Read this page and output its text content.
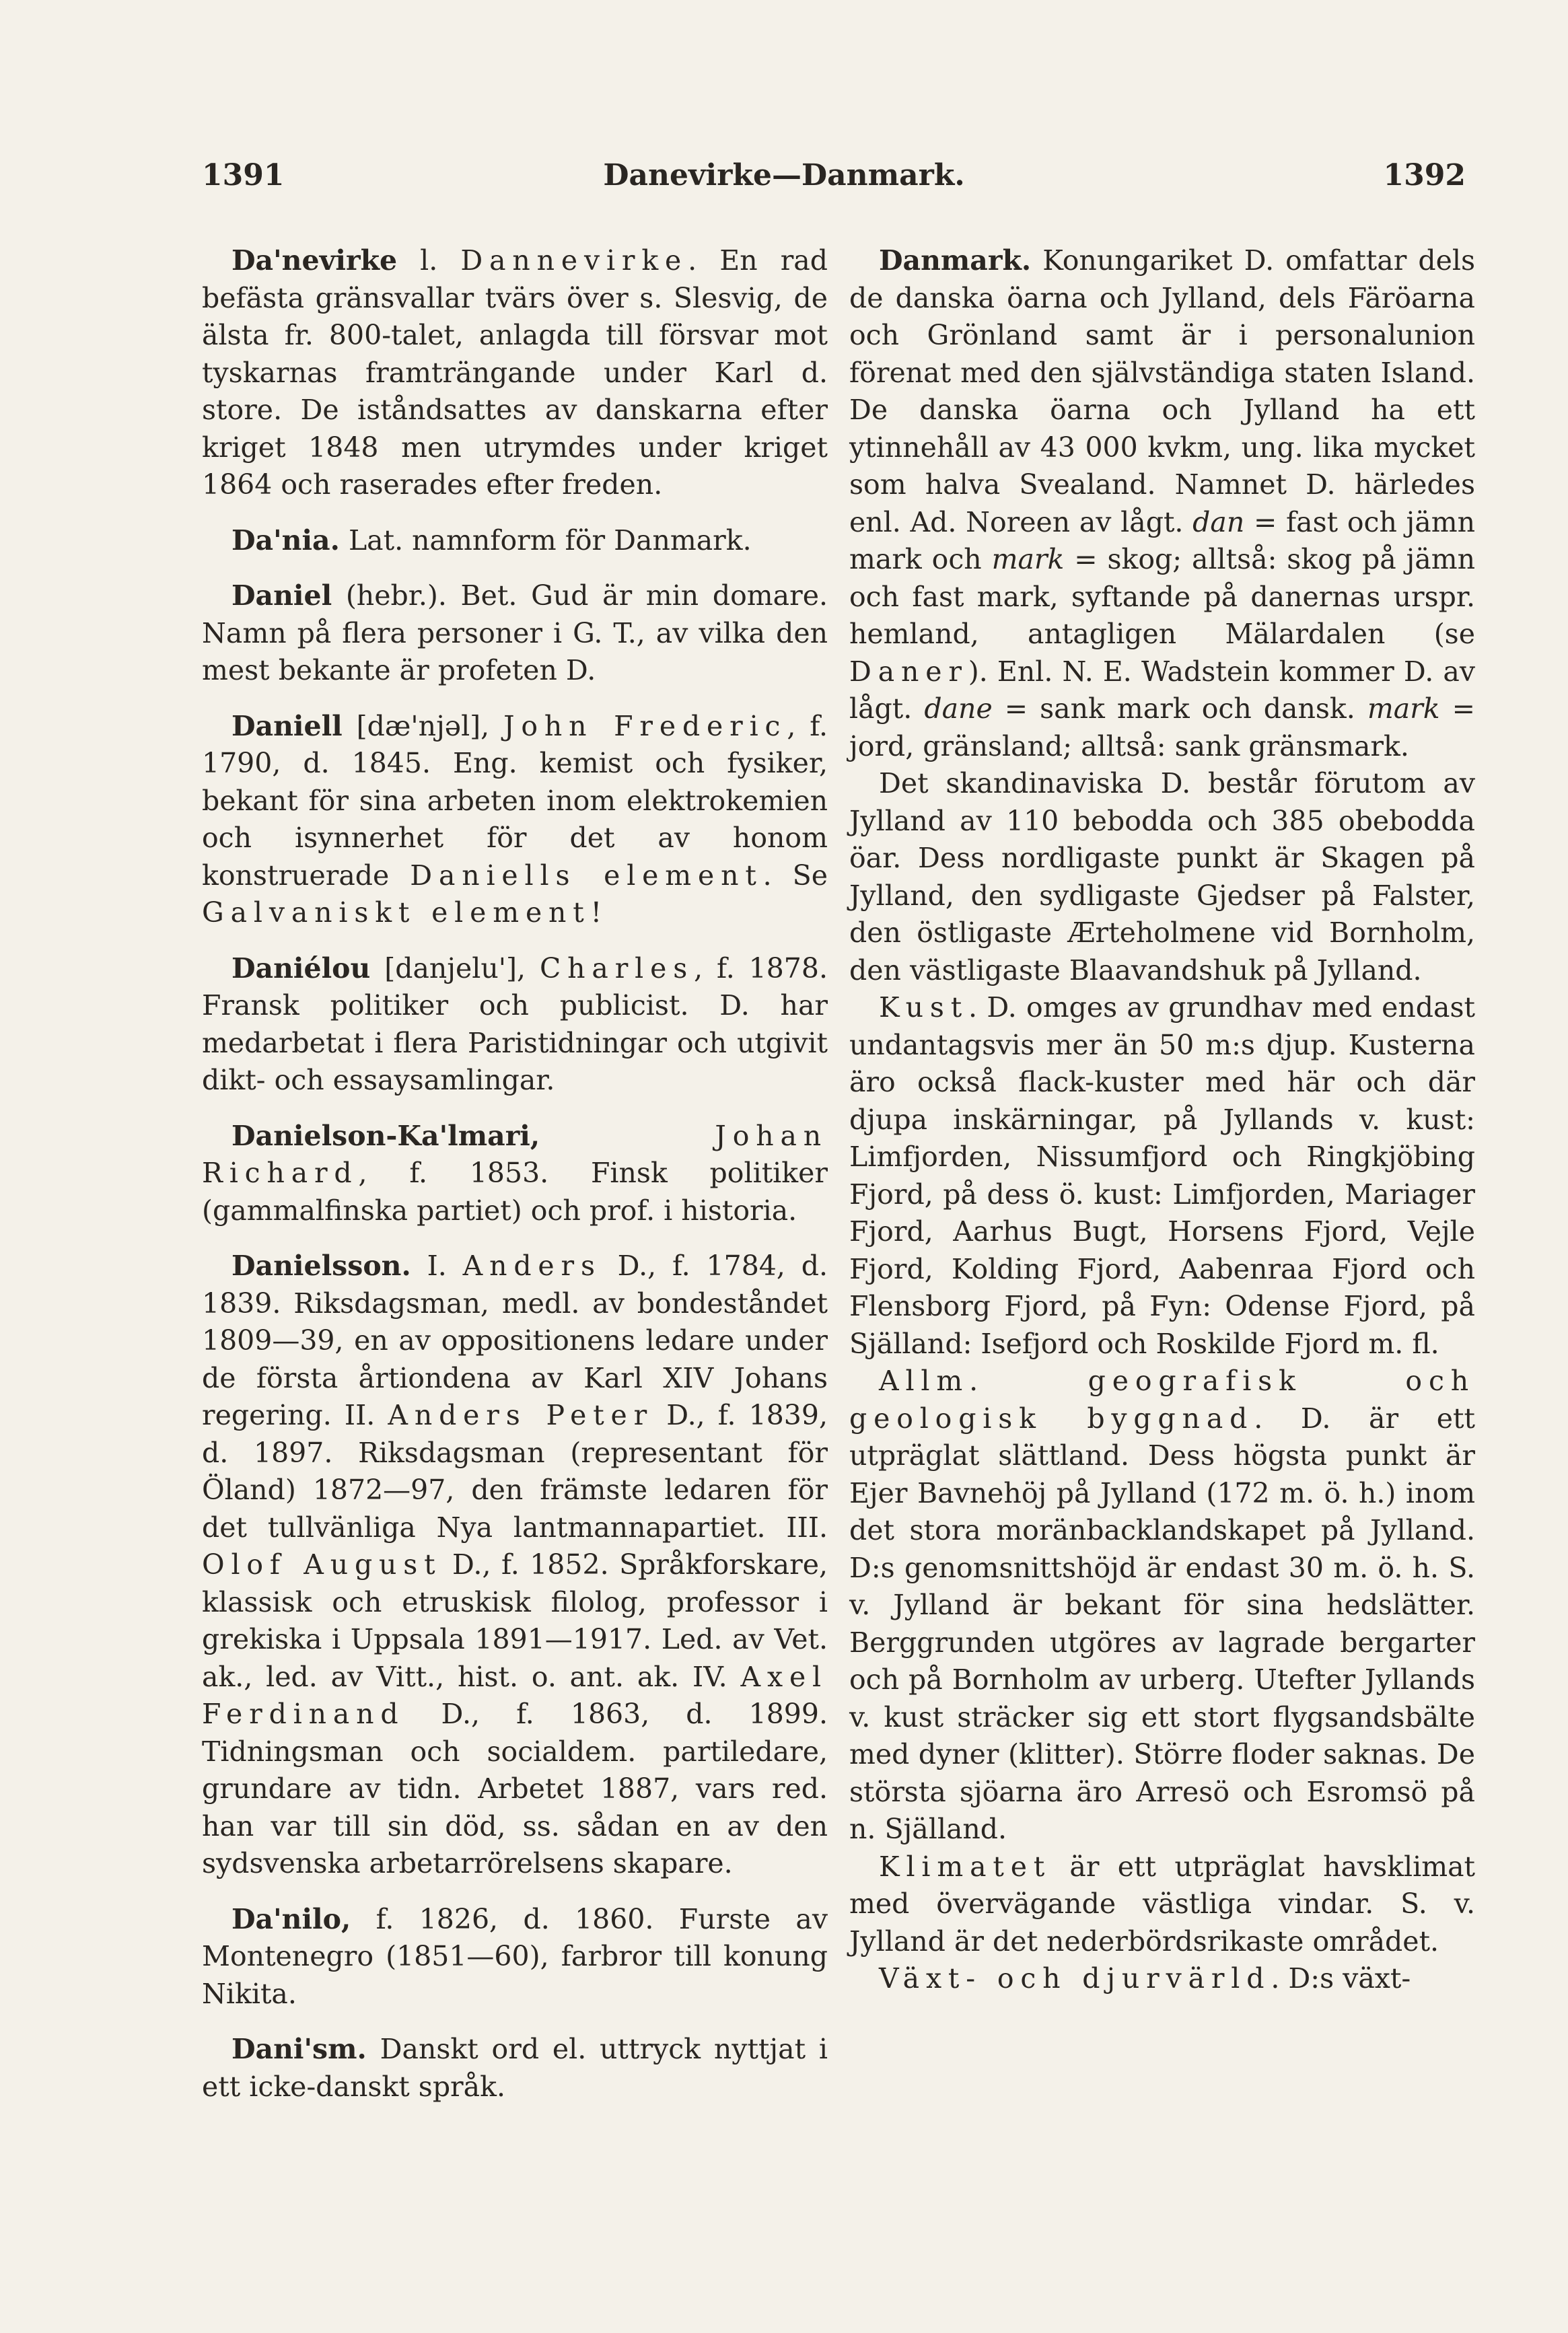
1391	Danevirke—Danmark.	1392

Da'nevirke l. Dannevirke. En rad befästa gränsvallar tvärs över s. Slesvig, de älsta fr. 800-talet, anlagda till försvar mot tyskarnas framträngande under Karl d. store. De iståndsattes av danskarna efter kriget 1848 men utrymdes under kriget 1864 och raserades efter freden.

Da'nia. Lat. namnform för Danmark.

Daniel (hebr.). Bet. Gud är min domare. Namn på flera personer i G. T., av vilka den mest bekante är profeten D.

Daniell [dæ'njəl], John Frederic, f. 1790, d. 1845. Eng. kemist och fysiker, bekant för sina arbeten inom elektrokemien och isynnerhet för det av honom konstruerade Daniells element. Se Galvaniskt element!

Daniélou [danjelu'], Charles, f. 1878. Fransk politiker och publicist. D. har medarbetat i flera Paristidningar och utgivit dikt- och essaysamlingar.

Danielson-Ka'lmari,	Johan Richard, f. 1853. Finsk politiker (gammalfinska partiet) och prof. i historia.

Danielsson. I. Anders D., f. 1784, d. 1839. Riksdagsman, medl. av bondeståndet 1809—39, en av oppositionens ledare under de första årtiondena av Karl XIV Johans regering. II. Anders Peter D., f. 1839, d. 1897. Riksdagsman (representant för Öland) 1872—97, den främste ledaren för det tullvänliga Nya lantmannapartiet. III. Olof August D., f. 1852. Språkforskare, klassisk och etruskisk filolog, professor i grekiska i Uppsala 1891—1917. Led. av Vet. ak., led. av Vitt., hist. o. ant. ak. IV. Axel Ferdinand D., f. 1863, d. 1899. Tidningsman och socialdem. partiledare, grundare av tidn. Arbetet 1887, vars red. han var till sin död, ss. sådan en av den sydsvenska arbetarrörelsens skapare.

Da'nilo, f. 1826, d. 1860. Furste av Montenegro (1851—60), farbror till konung Nikita.

Dani'sm. Danskt ord el. uttryck nyttjat i ett icke-danskt språk.

Danmark. Konungariket D. omfattar dels de danska öarna och Jylland, dels Färöarna och Grönland samt är i personalunion förenat med den självständiga staten Island. De danska öarna och Jylland ha ett ytinnehåll av 43 000 kvkm, ung. lika mycket som halva Svealand. Namnet D. härledes enl. Ad. Noreen av lågt. dan = fast och jämn mark och mark = skog; alltså: skog på jämn och fast mark, syftande på danernas urspr. hemland, antagligen Mälardalen (se Daner). Enl. N. E. Wadstein kommer D. av lågt. dane = sank mark och dansk. mark = jord, gränsland; alltså: sank gränsmark.

Det skandinaviska D. består förutom av Jylland av 110 bebodda och 385 obebodda öar. Dess nordligaste punkt är Skagen på Jylland, den sydligaste Gjedser på Falster, den östligaste Ærteholmene vid Bornholm, den västligaste Blaavandshuk på Jylland.

Kust. D. omges av grundhav med endast undantagsvis mer än 50 m:s djup. Kusterna äro också flack-kuster med här och där djupa inskärningar, på Jyllands v. kust: Limfjorden, Nissumfjord och Ringkjöbing Fjord, på dess ö. kust: Limfjorden, Mariager Fjord, Aarhus Bugt, Horsens Fjord, Vejle Fjord, Kolding Fjord, Aabenraa Fjord och Flensborg Fjord, på Fyn: Odense Fjord, på Själland: Isefjord och Roskilde Fjord m. fl.

Allm. geografisk och geologisk byggnad. D. är ett utpräglat slättland. Dess högsta punkt är Ejer Bavnehöj på Jylland (172 m. ö. h.) inom det stora moränbacklandskapet på Jylland. D:s genomsnittshöjd är endast 30 m. ö. h. S. v. Jylland är bekant för sina hedslätter. Berggrunden utgöres av lagrade bergarter och på Bornholm av urberg. Utefter Jyllands v. kust sträcker sig ett stort flygsandsbälte med dyner (klitter). Större floder saknas. De största sjöarna äro Arresö och Esromsö på n. Själland.

Klimatet är ett utpräglat havsklimat med övervägande västliga vindar. S. v. Jylland är det nederbördsrikaste området.

Växt- och djurvärld. D:s växt-
